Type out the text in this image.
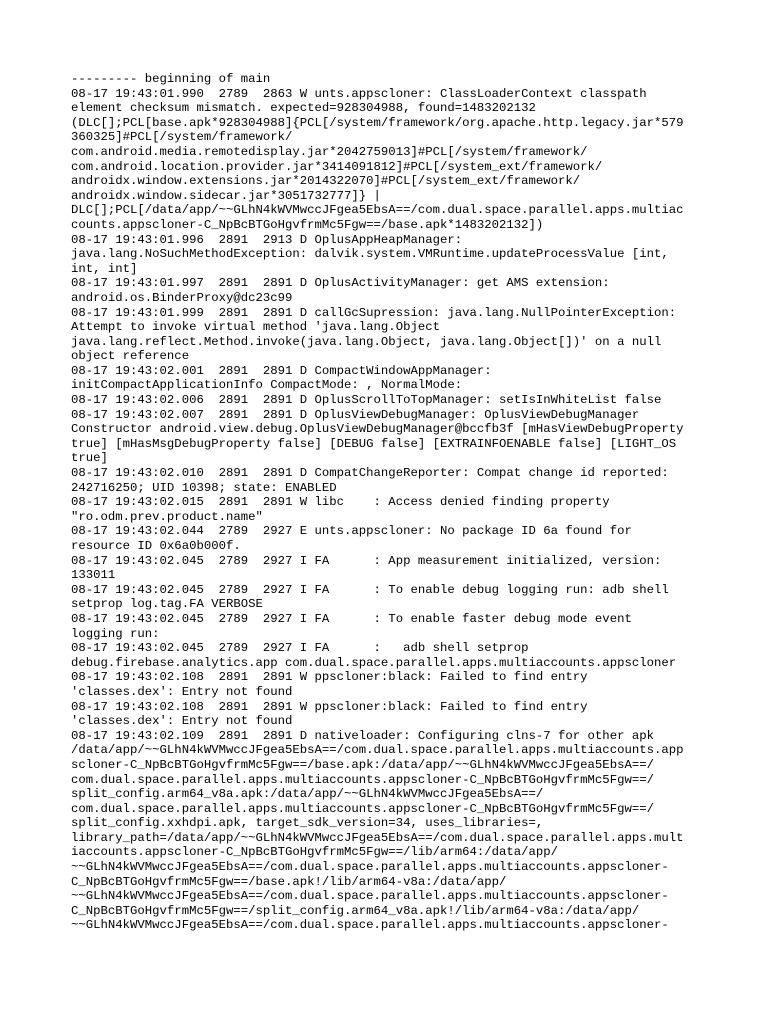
--------- beginning of main
08-17 19:43:01.990  2789  2863 W unts.appscloner: ClassLoaderContext classpath
element checksum mismatch. expected=928304988, found=1483202132
(DLC[];PCL[base.apk*928304988]{PCL[/system/framework/org.apache.http.legacy.jar*579
360325]#PCL[/system/framework/
com.android.media.remotedisplay.jar*2042759013]#PCL[/system/framework/
com.android.location.provider.jar*3414091812]#PCL[/system_ext/framework/
androidx.window.extensions.jar*2014322070]#PCL[/system_ext/framework/
androidx.window.sidecar.jar*3051732777]} |
DLC[];PCL[/data/app/~~GLhN4kWVMwccJFgea5EbsA==/com.dual.space.parallel.apps.multiac
counts.appscloner-C_NpBcBTGoHgvfrmMc5Fgw==/base.apk*1483202132])
08-17 19:43:01.996  2891  2913 D OplusAppHeapManager:
java.lang.NoSuchMethodException: dalvik.system.VMRuntime.updateProcessValue [int,
int, int]
08-17 19:43:01.997  2891  2891 D OplusActivityManager: get AMS extension:
android.os.BinderProxy@dc23c99
08-17 19:43:01.999  2891  2891 D callGcSupression: java.lang.NullPointerException:
Attempt to invoke virtual method 'java.lang.Object
java.lang.reflect.Method.invoke(java.lang.Object, java.lang.Object[])' on a null
object reference
08-17 19:43:02.001  2891  2891 D CompactWindowAppManager:
initCompactApplicationInfo CompactMode: , NormalMode:
08-17 19:43:02.006  2891  2891 D OplusScrollToTopManager: setIsInWhiteList false
08-17 19:43:02.007  2891  2891 D OplusViewDebugManager: OplusViewDebugManager
Constructor android.view.debug.OplusViewDebugManager@bccfb3f [mHasViewDebugProperty
true] [mHasMsgDebugProperty false] [DEBUG false] [EXTRAINFOENABLE false] [LIGHT_OS
true]
08-17 19:43:02.010  2891  2891 D CompatChangeReporter: Compat change id reported:
242716250; UID 10398; state: ENABLED
08-17 19:43:02.015  2891  2891 W libc    : Access denied finding property
"ro.odm.prev.product.name"
08-17 19:43:02.044  2789  2927 E unts.appscloner: No package ID 6a found for
resource ID 0x6a0b000f.
08-17 19:43:02.045  2789  2927 I FA      : App measurement initialized, version:
133011
08-17 19:43:02.045  2789  2927 I FA      : To enable debug logging run: adb shell
setprop log.tag.FA VERBOSE
08-17 19:43:02.045  2789  2927 I FA      : To enable faster debug mode event
logging run:
08-17 19:43:02.045  2789  2927 I FA      :   adb shell setprop
debug.firebase.analytics.app com.dual.space.parallel.apps.multiaccounts.appscloner
08-17 19:43:02.108  2891  2891 W ppscloner:black: Failed to find entry
'classes.dex': Entry not found
08-17 19:43:02.108  2891  2891 W ppscloner:black: Failed to find entry
'classes.dex': Entry not found
08-17 19:43:02.109  2891  2891 D nativeloader: Configuring clns-7 for other apk
/data/app/~~GLhN4kWVMwccJFgea5EbsA==/com.dual.space.parallel.apps.multiaccounts.app
scloner-C_NpBcBTGoHgvfrmMc5Fgw==/base.apk:/data/app/~~GLhN4kWVMwccJFgea5EbsA==/
com.dual.space.parallel.apps.multiaccounts.appscloner-C_NpBcBTGoHgvfrmMc5Fgw==/
split_config.arm64_v8a.apk:/data/app/~~GLhN4kWVMwccJFgea5EbsA==/
com.dual.space.parallel.apps.multiaccounts.appscloner-C_NpBcBTGoHgvfrmMc5Fgw==/
split_config.xxhdpi.apk, target_sdk_version=34, uses_libraries=,
library_path=/data/app/~~GLhN4kWVMwccJFgea5EbsA==/com.dual.space.parallel.apps.mult
iaccounts.appscloner-C_NpBcBTGoHgvfrmMc5Fgw==/lib/arm64:/data/app/
~~GLhN4kWVMwccJFgea5EbsA==/com.dual.space.parallel.apps.multiaccounts.appscloner-
C_NpBcBTGoHgvfrmMc5Fgw==/base.apk!/lib/arm64-v8a:/data/app/
~~GLhN4kWVMwccJFgea5EbsA==/com.dual.space.parallel.apps.multiaccounts.appscloner-
C_NpBcBTGoHgvfrmMc5Fgw==/split_config.arm64_v8a.apk!/lib/arm64-v8a:/data/app/
~~GLhN4kWVMwccJFgea5EbsA==/com.dual.space.parallel.apps.multiaccounts.appscloner-
